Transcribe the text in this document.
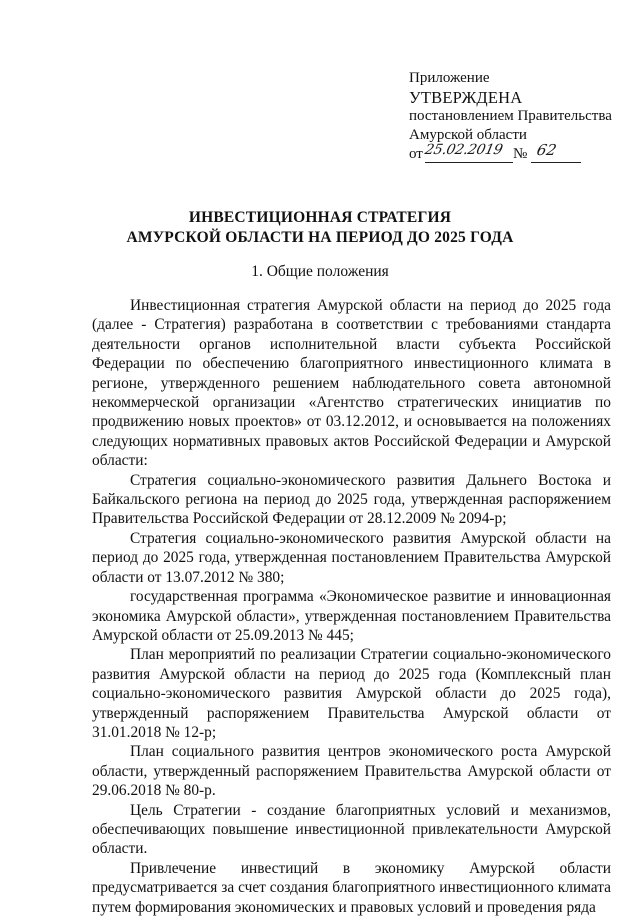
Приложение
УТВЕРЖДЕНА
постановлением Правительства
Амурской области
от 25.02.2019 № 62
ИНВЕСТИЦИОННАЯ СТРАТЕГИЯ
АМУРСКОЙ ОБЛАСТИ НА ПЕРИОД ДО 2025 ГОДА
1. Общие положения

Инвестиционная стратегия Амурской области на период до 2025 года (далее - Стратегия) разработана в соответствии с требованиями стандарта деятельности органов исполнительной власти субъекта Российской Федерации по обеспечению благоприятного инвестиционного климата в регионе, утвержденного решением наблюдательного совета автономной некоммерческой организации «Агентство стратегических инициатив по продвижению новых проектов» от 03.12.2012, и основывается на положениях следующих нормативных правовых актов Российской Федерации и Амурской области:

Стратегия социально-экономического развития Дальнего Востока и Байкальского региона на период до 2025 года, утвержденная распоряжением Правительства Российской Федерации от 28.12.2009 № 2094-р;

Стратегия социально-экономического развития Амурской области на период до 2025 года, утвержденная постановлением Правительства Амурской области от 13.07.2012 № 380;

государственная программа «Экономическое развитие и инновационная экономика Амурской области», утвержденная постановлением Правительства Амурской области от 25.09.2013 № 445;

План мероприятий по реализации Стратегии социально-экономического развития Амурской области на период до 2025 года (Комплексный план социально-экономического развития Амурской области до 2025 года), утвержденный распоряжением Правительства Амурской области от 31.01.2018 № 12-р;

План социального развития центров экономического роста Амурской области, утвержденный распоряжением Правительства Амурской области от 29.06.2018 № 80-р.

Цель Стратегии - создание благоприятных условий и механизмов, обеспечивающих повышение инвестиционной привлекательности Амурской области.

Привлечение инвестиций в экономику Амурской области предусматривается за счет создания благоприятного инвестиционного климата путем формирования экономических и правовых условий и проведения ряда
